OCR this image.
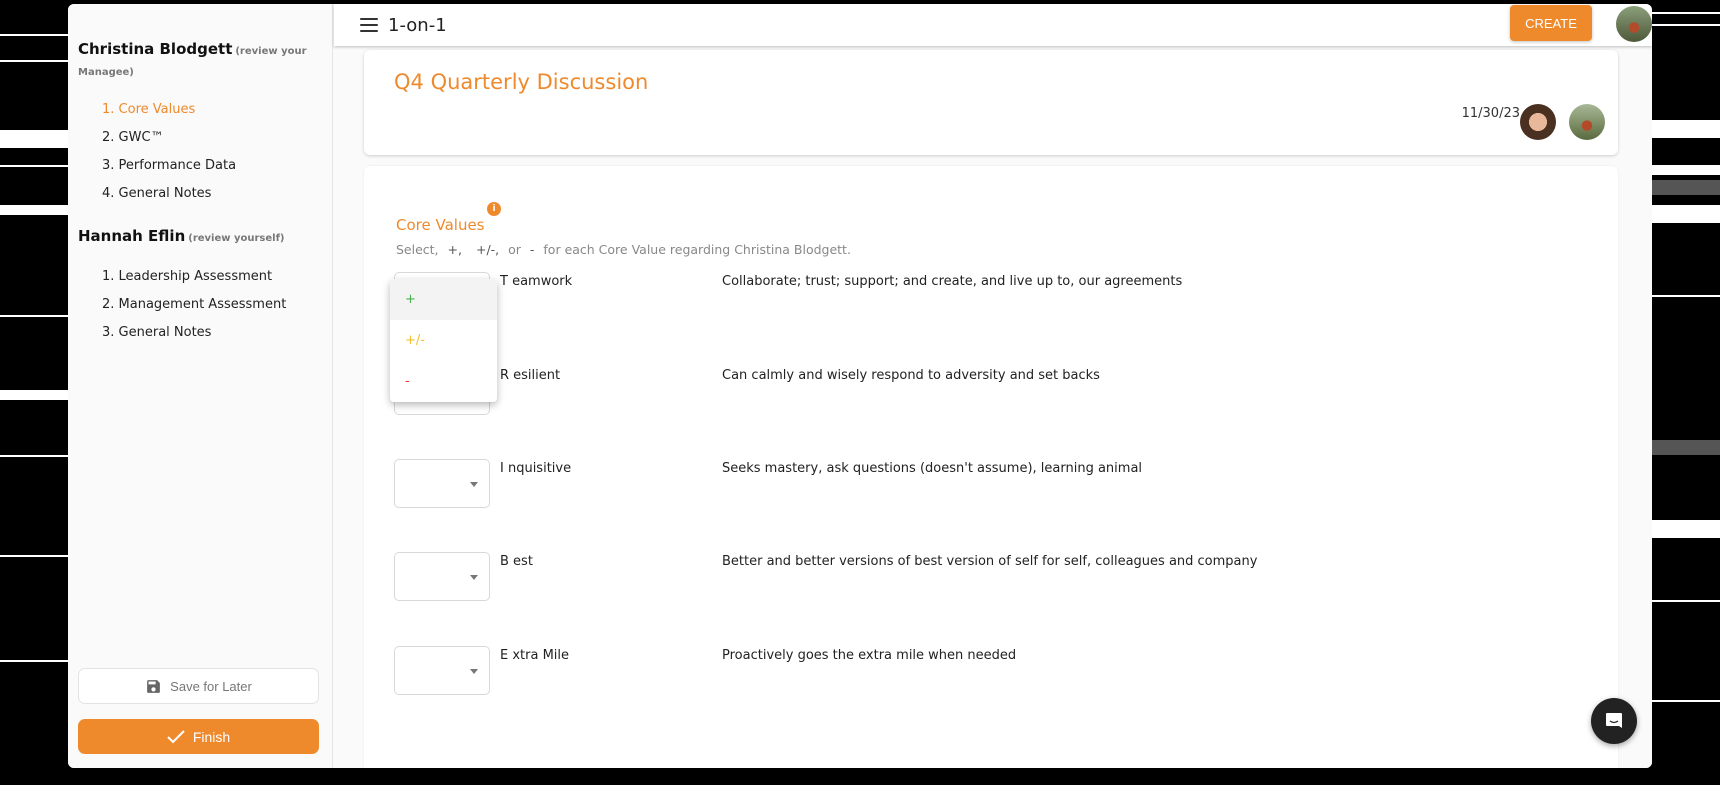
Christina Blodgett (review your
Managee)
1. Core Values
2. GWC™
3. Performance Data
4. General Notes
Hannah Eflin (review yourself)
1. Leadership Assessment
2. Management Assessment
3. General Notes
Save for Later
Finish
1-on-1	CREATE
Q4 Quarterly Discussion
11/30/23
Core Values
i
Select, +, +/-, or - for each Core Value regarding Christina Blodgett.
T eamwork	Collaborate; trust; support; and create, and live up to, our agreements
R esilient	Can calmly and wisely respond to adversity and set backs
I nquisitive	Seeks mastery, ask questions (doesn't assume), learning animal
B est	Better and better versions of best version of self for self, colleagues and company
E xtra Mile	Proactively goes the extra mile when needed
+
+/-
-
